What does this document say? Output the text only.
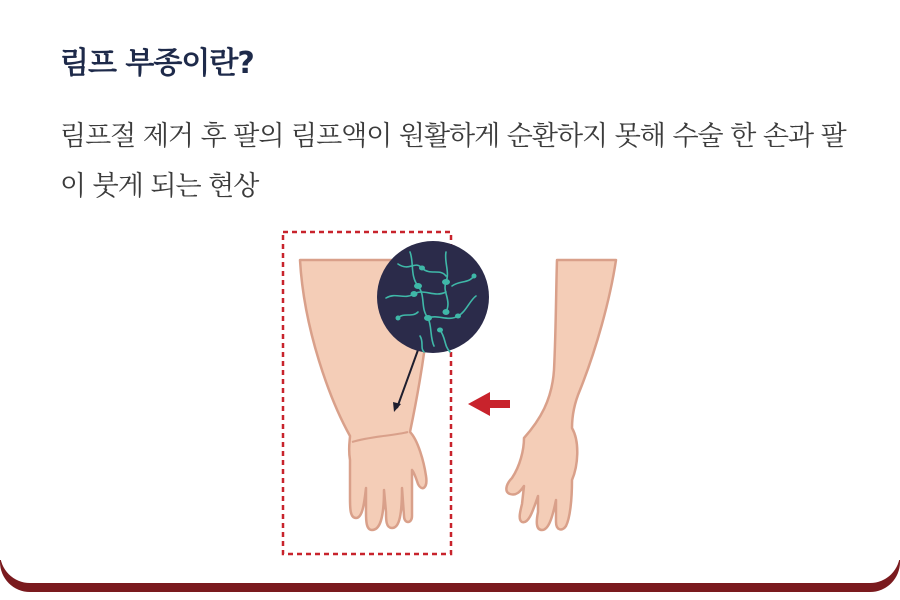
림프 부종이란?

림프절 제거 후 팔의 림프액이 원활하게 순환하지 못해 수술 한 손과 팔이 붓게 되는 현상
